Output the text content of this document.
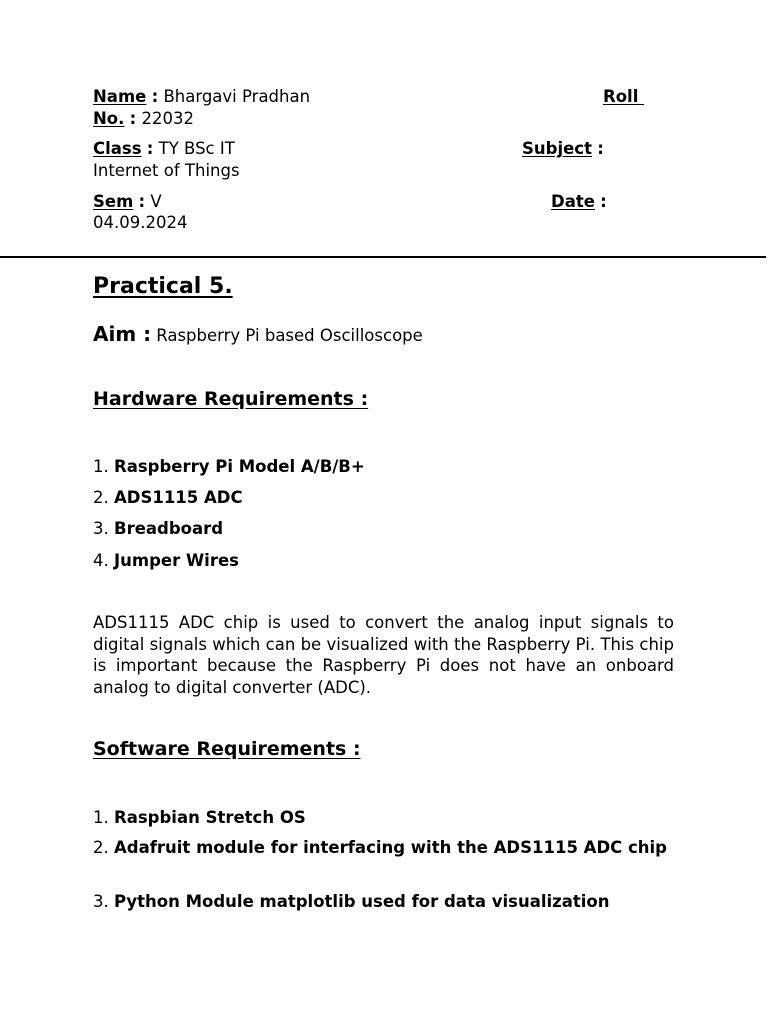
Name : Bhargavi Pradhan	Roll
No. : 22032
Class : TY BSc IT	Subject :
Internet of Things
Sem : V	Date :
04.09.2024
Practical 5.
Aim : Raspberry Pi based Oscilloscope
Hardware Requirements :
1. Raspberry Pi Model A/B/B+
2. ADS1115 ADC
3. Breadboard
4. Jumper Wires
ADS1115 ADC chip is used to convert the analog input signals to digital signals which can be visualized with the Raspberry Pi. This chip is important because the Raspberry Pi does not have an onboard analog to digital converter (ADC).
Software Requirements :
1. Raspbian Stretch OS
2. Adafruit module for interfacing with the ADS1115 ADC chip
3. Python Module matplotlib used for data visualization
